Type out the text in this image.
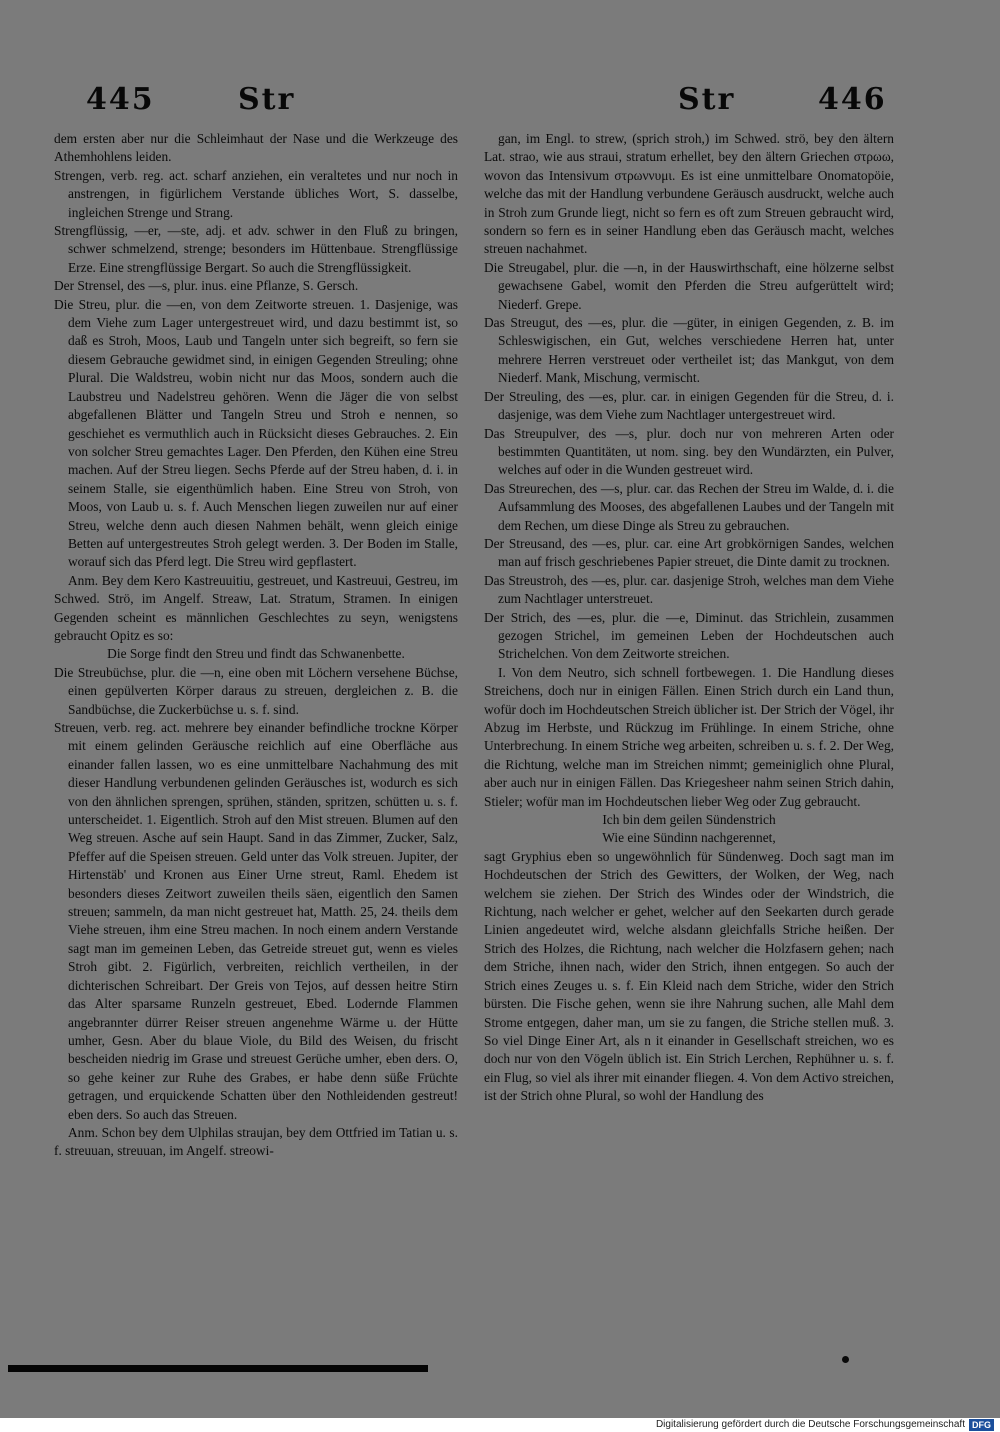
445	Str	Str	446

dem ersten aber nur die Schleimhaut der Nase und die Werkzeuge des Athemhohlens leiden.

Strengen, verb. reg. act. scharf anziehen, ein veraltetes und nur noch in anstrengen, in figürlichem Verstande übliches Wort, S. dasselbe, ingleichen Strenge und Strang.

Strengflüssig, —er, —ste, adj. et adv. schwer in den Fluß zu bringen, schwer schmelzend, strenge; besonders im Hüttenbaue. Strengflüssige Erze. Eine strengflüssige Bergart. So auch die Strengflüssigkeit.

Der Strensel, des —s, plur. inus. eine Pflanze, S. Gersch.

Die Streu, plur. die —en, von dem Zeitworte streuen. 1. Dasjenige, was dem Viehe zum Lager untergestreuet wird, und dazu bestimmt ist, so daß es Stroh, Moos, Laub und Tangeln unter sich begreift, so fern sie diesem Gebrauche gewidmet sind, in einigen Gegenden Streuling; ohne Plural. Die Waldstreu, wobin nicht nur das Moos, sondern auch die Laubstreu und Nadelstreu gehören. Wenn die Jäger die von selbst abgefallenen Blätter und Tangeln Streu und Stroh e nennen, so geschiehet es vermuthlich auch in Rücksicht dieses Gebrauches. 2. Ein von solcher Streu gemachtes Lager. Den Pferden, den Kühen eine Streu machen. Auf der Streu liegen. Sechs Pferde auf der Streu haben, d. i. in seinem Stalle, sie eigenthümlich haben. Eine Streu von Stroh, von Moos, von Laub u. s. f. Auch Menschen liegen zuweilen nur auf einer Streu, welche denn auch diesen Nahmen behält, wenn gleich einige Betten auf untergestreutes Stroh gelegt werden. 3. Der Boden im Stalle, worauf sich das Pferd legt. Die Streu wird gepflastert.

Anm. Bey dem Kero Kastreuuitiu, gestreuet, und Kastreuui, Gestreu, im Schwed. Strö, im Angelf. Streaw, Lat. Stratum, Stramen. In einigen Gegenden scheint es männlichen Geschlechtes zu seyn, wenigstens gebraucht Opitz es so:

Die Sorge findt den Streu und findt das Schwanenbette.

Die Streubüchse, plur. die —n, eine oben mit Löchern versehene Büchse, einen gepülverten Körper daraus zu streuen, dergleichen z. B. die Sandbüchse, die Zuckerbüchse u. s. f. sind.

Streuen, verb. reg. act. mehrere bey einander befindliche trockne Körper mit einem gelinden Geräusche reichlich auf eine Oberfläche aus einander fallen lassen, wo es eine unmittelbare Nachahmung des mit dieser Handlung verbundenen gelinden Geräusches ist, wodurch es sich von den ähnlichen sprengen, sprühen, ständen, spritzen, schütten u. s. f. unterscheidet. 1. Eigentlich. Stroh auf den Mist streuen. Blumen auf den Weg streuen. Asche auf sein Haupt. Sand in das Zimmer, Zucker, Salz, Pfeffer auf die Speisen streuen. Geld unter das Volk streuen. Jupiter, der Hirtenstäb' und Kronen aus Einer Urne streut, Raml. Ehedem ist besonders dieses Zeitwort zuweilen theils säen, eigentlich den Samen streuen; sammeln, da man nicht gestreuet hat, Matth. 25, 24. theils dem Viehe streuen, ihm eine Streu machen. In noch einem andern Verstande sagt man im gemeinen Leben, das Getreide streuet gut, wenn es vieles Stroh gibt. 2. Figürlich, verbreiten, reichlich vertheilen, in der dichterischen Schreibart. Der Greis von Tejos, auf dessen heitre Stirn das Alter sparsame Runzeln gestreuet, Ebed. Lodernde Flammen angebrannter dürrer Reiser streuen angenehme Wärme u. der Hütte umher, Gesn. Aber du blaue Viole, du Bild des Weisen, du frischt bescheiden niedrig im Grase und streuest Gerüche umher, eben ders. O, so gehe keiner zur Ruhe des Grabes, er habe denn süße Früchte getragen, und erquickende Schatten über den Nothleidenden gestreut! eben ders. So auch das Streuen.

Anm. Schon bey dem Ulphilas straujan, bey dem Ottfried im Tatian u. s. f. streuuan, streuuan, im Angelf. streowi-

gan, im Engl. to strew, (sprich stroh,) im Schwed. strö, bey den ältern Lat. strao, wie aus straui, stratum erhellet, bey den ältern Griechen στρωω, wovon das Intensivum στρωννυμι. Es ist eine unmittelbare Onomatopöie, welche das mit der Handlung verbundene Geräusch ausdruckt, welche auch in Stroh zum Grunde liegt, nicht so fern es oft zum Streuen gebraucht wird, sondern so fern es in seiner Handlung eben das Geräusch macht, welches streuen nachahmet.

Die Streugabel, plur. die —n, in der Hauswirthschaft, eine hölzerne selbst gewachsene Gabel, womit den Pferden die Streu aufgerüttelt wird; Niederf. Grepe.

Das Streugut, des —es, plur. die —güter, in einigen Gegenden, z. B. im Schleswigischen, ein Gut, welches verschiedene Herren hat, unter mehrere Herren verstreuet oder vertheilet ist; das Mankgut, von dem Niederf. Mank, Mischung, vermischt.

Der Streuling, des —es, plur. car. in einigen Gegenden für die Streu, d. i. dasjenige, was dem Viehe zum Nachtlager untergestreuet wird.

Das Streupulver, des —s, plur. doch nur von mehreren Arten oder bestimmten Quantitäten, ut nom. sing. bey den Wundärzten, ein Pulver, welches auf oder in die Wunden gestreuet wird.

Das Streurechen, des —s, plur. car. das Rechen der Streu im Walde, d. i. die Aufsammlung des Mooses, des abgefallenen Laubes und der Tangeln mit dem Rechen, um diese Dinge als Streu zu gebrauchen.

Der Streusand, des —es, plur. car. eine Art grobkörnigen Sandes, welchen man auf frisch geschriebenes Papier streuet, die Dinte damit zu trocknen.

Das Streustroh, des —es, plur. car. dasjenige Stroh, welches man dem Viehe zum Nachtlager unterstreuet.

Der Strich, des —es, plur. die —e, Diminut. das Strichlein, zusammen gezogen Strichel, im gemeinen Leben der Hochdeutschen auch Strichelchen. Von dem Zeitworte streichen.

I. Von dem Neutro, sich schnell fortbewegen. 1. Die Handlung dieses Streichens, doch nur in einigen Fällen. Einen Strich durch ein Land thun, wofür doch im Hochdeutschen Streich üblicher ist. Der Strich der Vögel, ihr Abzug im Herbste, und Rückzug im Frühlinge. In einem Striche, ohne Unterbrechung. In einem Striche weg arbeiten, schreiben u. s. f. 2. Der Weg, die Richtung, welche man im Streichen nimmt; gemeiniglich ohne Plural, aber auch nur in einigen Fällen. Das Kriegesheer nahm seinen Strich dahin, Stieler; wofür man im Hochdeutschen lieber Weg oder Zug gebraucht.

Ich bin dem geilen Sündenstrich

Wie eine Sündinn nachgerennet,

sagt Gryphius eben so ungewöhnlich für Sündenweg. Doch sagt man im Hochdeutschen der Strich des Gewitters, der Wolken, der Weg, nach welchem sie ziehen. Der Strich des Windes oder der Windstrich, die Richtung, nach welcher er gehet, welcher auf den Seekarten durch gerade Linien angedeutet wird, welche alsdann gleichfalls Striche heißen. Der Strich des Holzes, die Richtung, nach welcher die Holzfasern gehen; nach dem Striche, ihnen nach, wider den Strich, ihnen entgegen. So auch der Strich eines Zeuges u. s. f. Ein Kleid nach dem Striche, wider den Strich bürsten. Die Fische gehen, wenn sie ihre Nahrung suchen, alle Mahl dem Strome entgegen, daher man, um sie zu fangen, die Striche stellen muß. 3. So viel Dinge Einer Art, als n it einander in Gesellschaft streichen, wo es doch nur von den Vögeln üblich ist. Ein Strich Lerchen, Rephühner u. s. f. ein Flug, so viel als ihrer mit einander fliegen. 4. Von dem Activo streichen, ist der Strich ohne Plural, so wohl der Handlung des

Digitalisierung gefördert durch die Deutsche Forschungsgemeinschaft DFG
